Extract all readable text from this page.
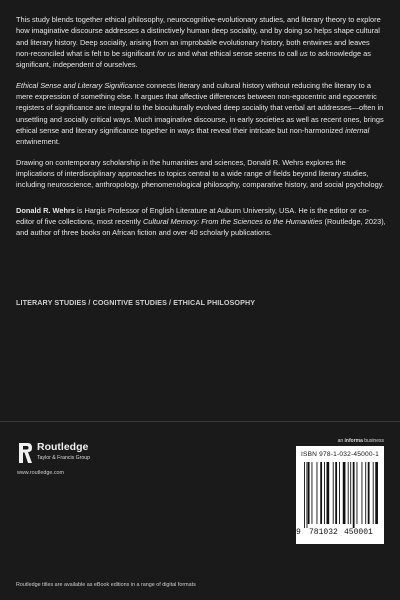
This study blends together ethical philosophy, neurocognitive-evolutionary studies, and literary theory to explore how imaginative discourse addresses a distinctively human deep sociality, and by doing so helps shape cultural and literary history. Deep sociality, arising from an improbable evolutionary history, both entwines and leaves non-reconciled what is felt to be significant for us and what ethical sense seems to call us to acknowledge as significant, independent of ourselves.

Ethical Sense and Literary Significance connects literary and cultural history without reducing the literary to a mere expression of something else. It argues that affective differences between non-egocentric and egocentric registers of significance are integral to the bioculturally evolved deep sociality that verbal art addresses—often in unsettling and socially critical ways. Much imaginative discourse, in early societies as well as recent ones, brings ethical sense and literary significance together in ways that reveal their intricate but non-harmonized internal entwinement.

Drawing on contemporary scholarship in the humanities and sciences, Donald R. Wehrs explores the implications of interdisciplinary approaches to topics central to a wide range of fields beyond literary studies, including neuroscience, anthropology, phenomenological philosophy, comparative history, and social psychology.

Donald R. Wehrs is Hargis Professor of English Literature at Auburn University, USA. He is the editor or co-editor of five collections, most recently Cultural Memory: From the Sciences to the Humanities (Routledge, 2023), and author of three books on African fiction and over 40 scholarly publications.

LITERARY STUDIES / COGNITIVE STUDIES / ETHICAL PHILOSOPHY
an informa business
Routledge
Taylor & Francis Group
www.routledge.com
ISBN 978-1-032-45000-1
9 781032 450001
Routledge titles are available as eBook editions in a range of digital formats
